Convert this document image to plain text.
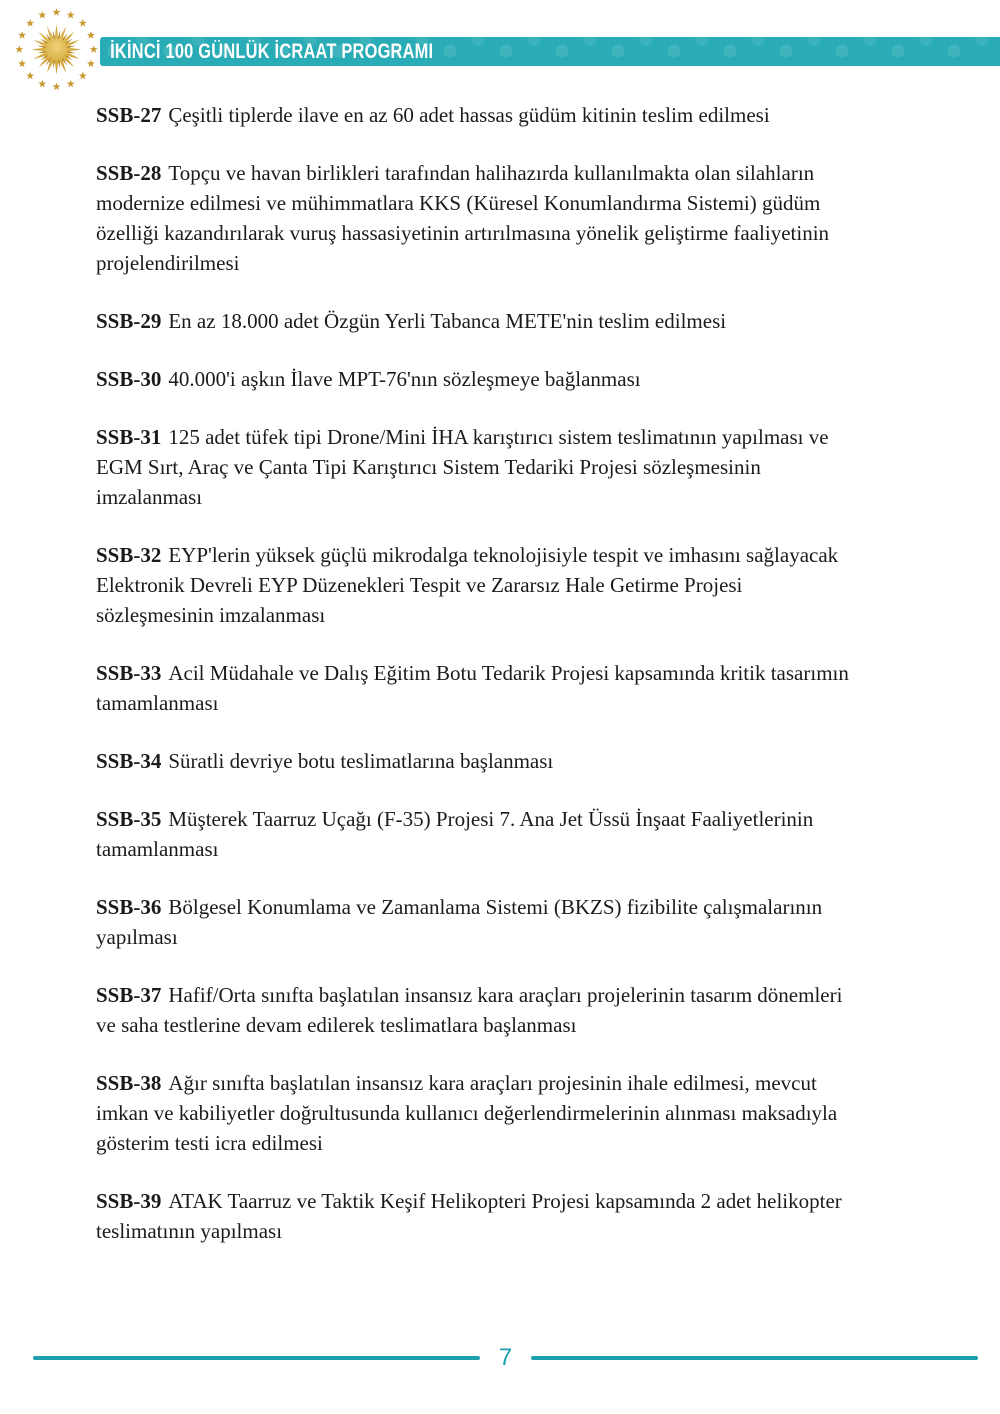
İKİNCİ 100 GÜNLÜK İCRAAT PROGRAMI

SSB-27 Çeşitli tiplerde ilave en az 60 adet hassas güdüm kitinin teslim edilmesi

SSB-28 Topçu ve havan birlikleri tarafından halihazırda kullanılmakta olan silahların modernize edilmesi ve mühimmatlara KKS (Küresel Konumlandırma Sistemi) güdüm özelliği kazandırılarak vuruş hassasiyetinin artırılmasına yönelik geliştirme faaliyetinin projelendirilmesi

SSB-29 En az 18.000 adet Özgün Yerli Tabanca METE'nin teslim edilmesi

SSB-30 40.000'i aşkın İlave MPT-76'nın sözleşmeye bağlanması

SSB-31 125 adet tüfek tipi Drone/Mini İHA karıştırıcı sistem teslimatının yapılması ve EGM Sırt, Araç ve Çanta Tipi Karıştırıcı Sistem Tedariki Projesi sözleşmesinin imzalanması

SSB-32 EYP'lerin yüksek güçlü mikrodalga teknolojisiyle tespit ve imhasını sağlayacak Elektronik Devreli EYP Düzenekleri Tespit ve Zararsız Hale Getirme Projesi sözleşmesinin imzalanması

SSB-33 Acil Müdahale ve Dalış Eğitim Botu Tedarik Projesi kapsamında kritik tasarımın tamamlanması

SSB-34 Süratli devriye botu teslimatlarına başlanması

SSB-35 Müşterek Taarruz Uçağı (F-35) Projesi 7. Ana Jet Üssü İnşaat Faaliyetlerinin tamamlanması

SSB-36 Bölgesel Konumlama ve Zamanlama Sistemi (BKZS) fizibilite çalışmalarının yapılması

SSB-37 Hafif/Orta sınıfta başlatılan insansız kara araçları projelerinin tasarım dönemleri ve saha testlerine devam edilerek teslimatlara başlanması

SSB-38 Ağır sınıfta başlatılan insansız kara araçları projesinin ihale edilmesi, mevcut imkan ve kabiliyetler doğrultusunda kullanıcı değerlendirmelerinin alınması maksadıyla gösterim testi icra edilmesi

SSB-39 ATAK Taarruz ve Taktik Keşif Helikopteri Projesi kapsamında 2 adet helikopter teslimatının yapılması

7
